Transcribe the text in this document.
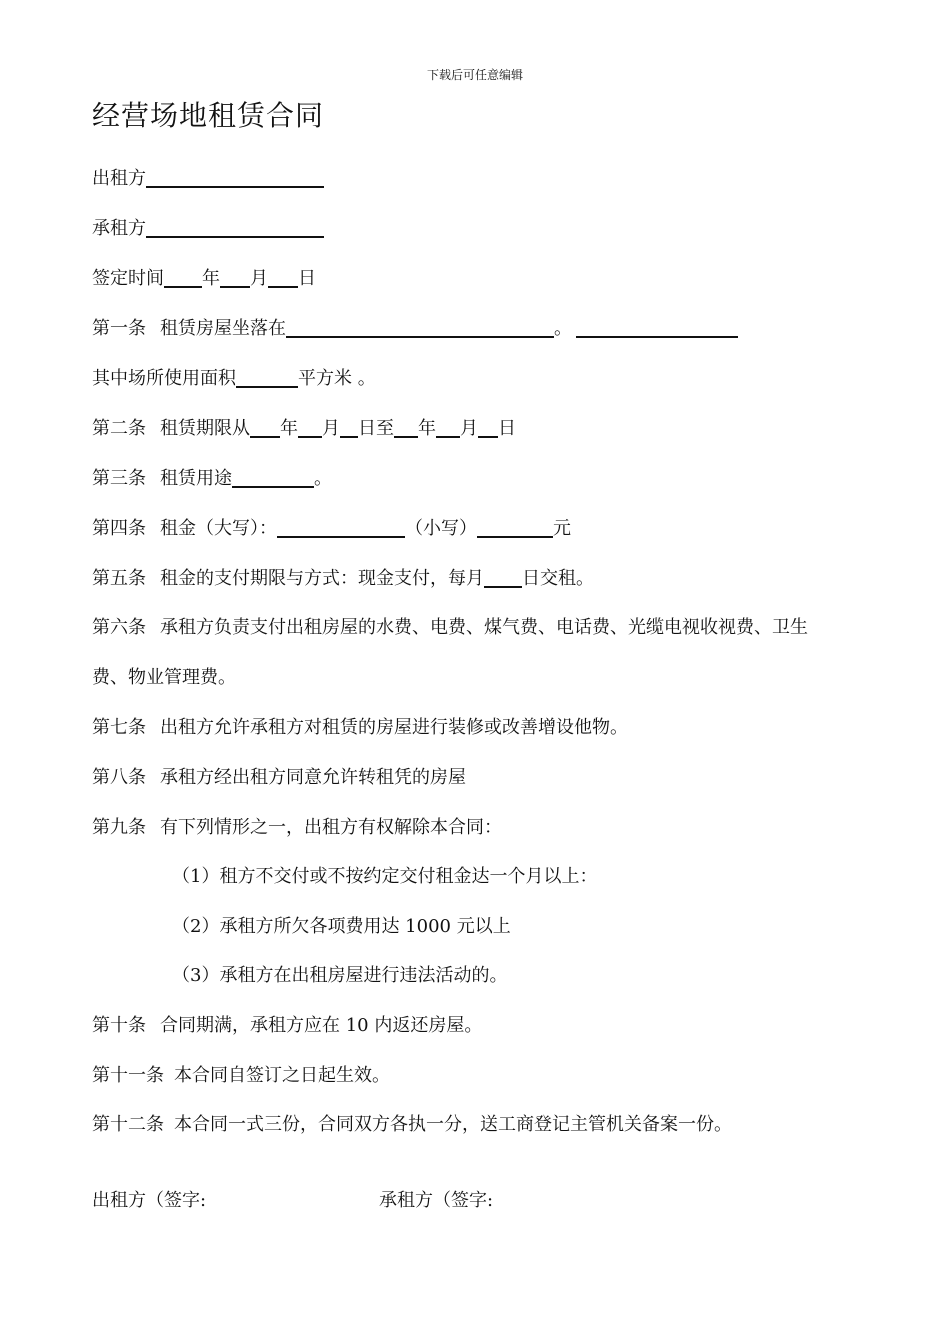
下载后可任意编辑
经营场地租赁合同
出租方
承租方
签定时间 年 月 日
第一条 租赁房屋坐落在	。
其中场所使用面积	平方米 。
第二条 租赁期限从 年 月 日至 年 月 日
第三条 租赁用途	。
第四条 租金（大写）：	（小写）	元
第五条 租金的支付期限与方式：现金支付，每月 日交租。
第六条 承租方负责支付出租房屋的水费、电费、煤气费、电话费、光缆电视收视费、卫生
费、物业管理费。
第七条 出租方允许承租方对租赁的房屋进行装修或改善增设他物。
第八条 承租方经出租方同意允许转租凭的房屋
第九条 有下列情形之一，出租方有权解除本合同：
（1）租方不交付或不按约定交付租金达一个月以上：
（2）承租方所欠各项费用达 1000 元以上
（3）承租方在出租房屋进行违法活动的。
第十条 合同期满，承租方应在 10 内返还房屋。
第十一条 本合同自签订之日起生效。
第十二条 本合同一式三份，合同双方各执一分，送工商登记主管机关备案一份。
出租方（签字:	承租方（签字:
